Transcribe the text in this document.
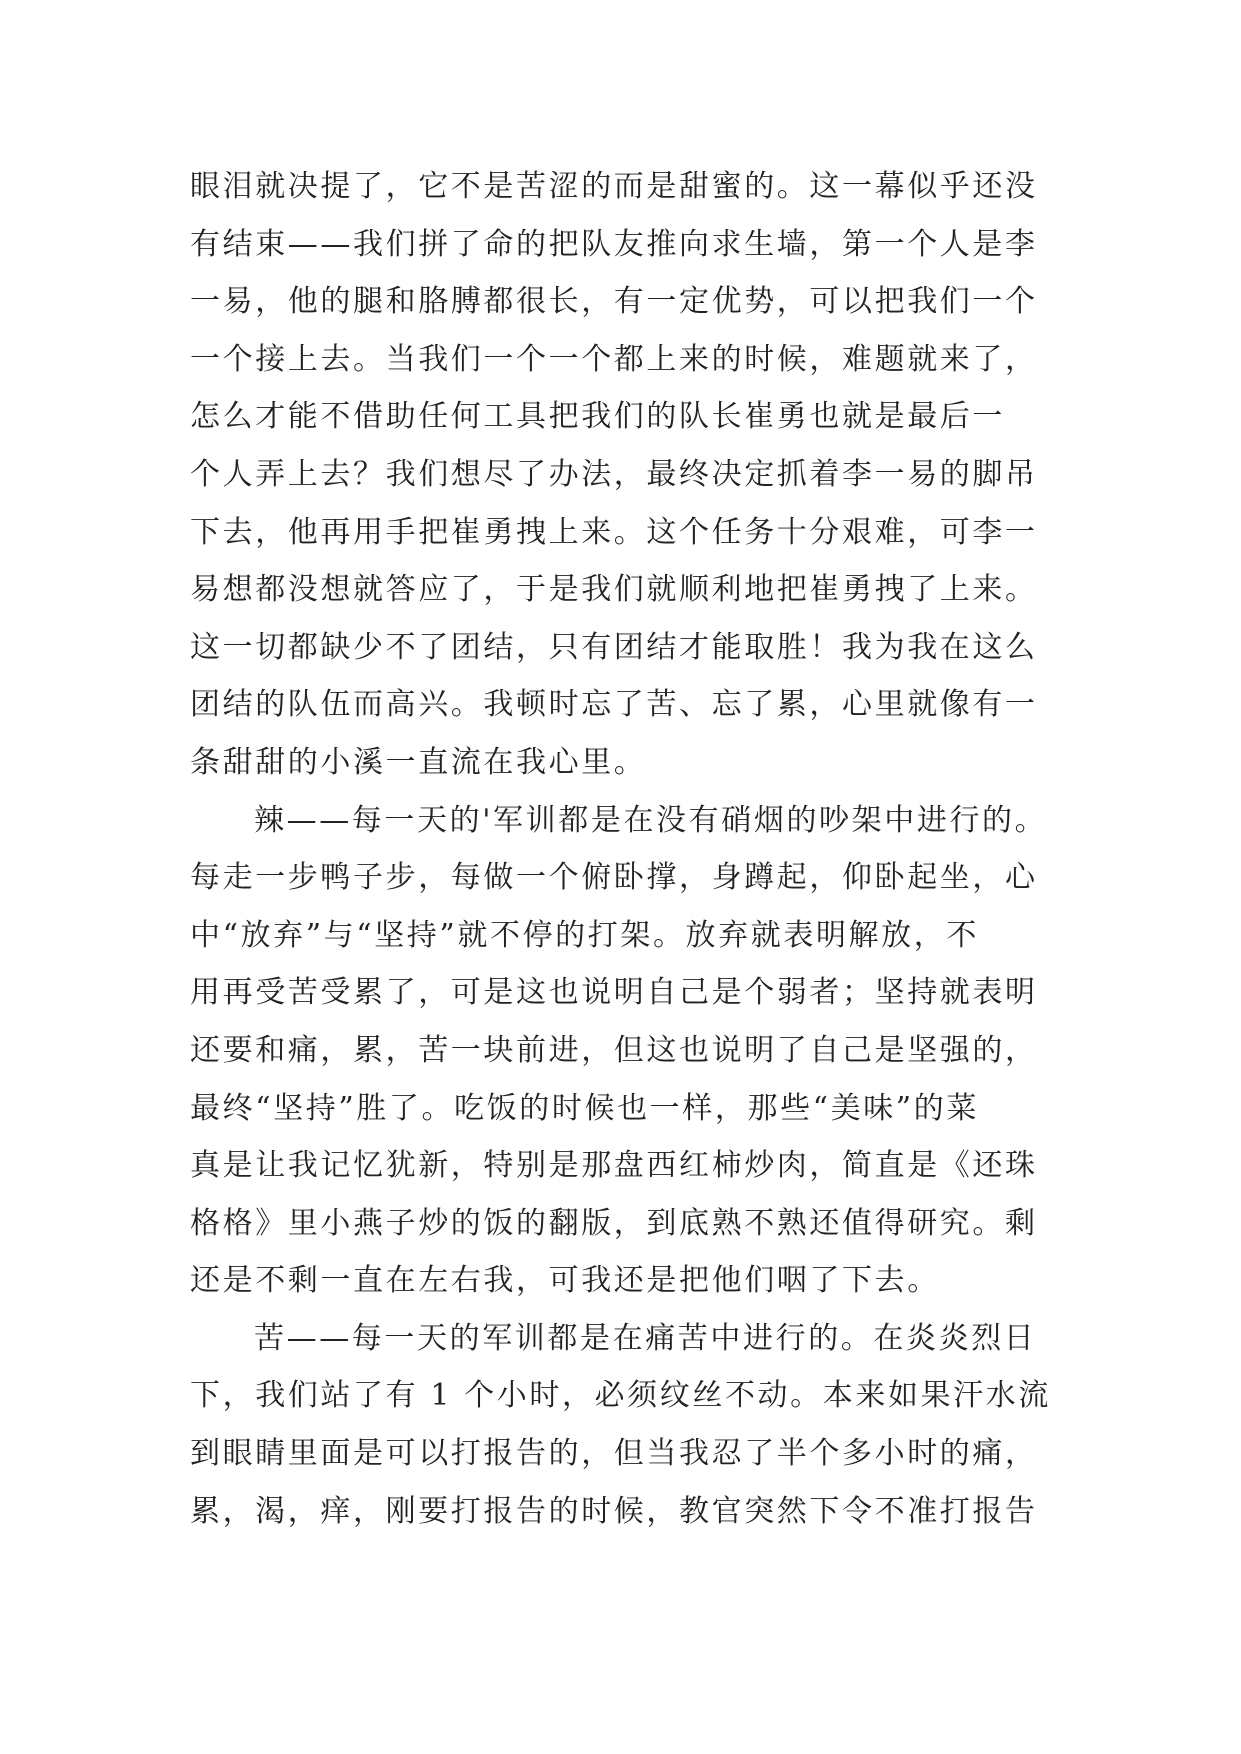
眼泪就决提了，它不是苦涩的而是甜蜜的。这一幕似乎还没
有结束——我们拼了命的把队友推向求生墙，第一个人是李
一易，他的腿和胳膊都很长，有一定优势，可以把我们一个
一个接上去。当我们一个一个都上来的时候，难题就来了，
怎么才能不借助任何工具把我们的队长崔勇也就是最后一
个人弄上去？我们想尽了办法，最终决定抓着李一易的脚吊
下去，他再用手把崔勇拽上来。这个任务十分艰难，可李一
易想都没想就答应了，于是我们就顺利地把崔勇拽了上来。
这一切都缺少不了团结，只有团结才能取胜！我为我在这么
团结的队伍而高兴。我顿时忘了苦、忘了累，心里就像有一
条甜甜的小溪一直流在我心里。
辣——每一天的'军训都是在没有硝烟的吵架中进行的。
每走一步鸭子步，每做一个俯卧撑，身蹲起，仰卧起坐，心
中“放弃”与“坚持”就不停的打架。放弃就表明解放，不
用再受苦受累了，可是这也说明自己是个弱者；坚持就表明
还要和痛，累，苦一块前进，但这也说明了自己是坚强的，
最终“坚持”胜了。吃饭的时候也一样，那些“美味”的菜
真是让我记忆犹新，特别是那盘西红柿炒肉，简直是《还珠
格格》里小燕子炒的饭的翻版，到底熟不熟还值得研究。剩
还是不剩一直在左右我，可我还是把他们咽了下去。
苦——每一天的军训都是在痛苦中进行的。在炎炎烈日
下，我们站了有 1 个小时，必须纹丝不动。本来如果汗水流
到眼睛里面是可以打报告的，但当我忍了半个多小时的痛，
累，渴，痒，刚要打报告的时候，教官突然下令不准打报告
